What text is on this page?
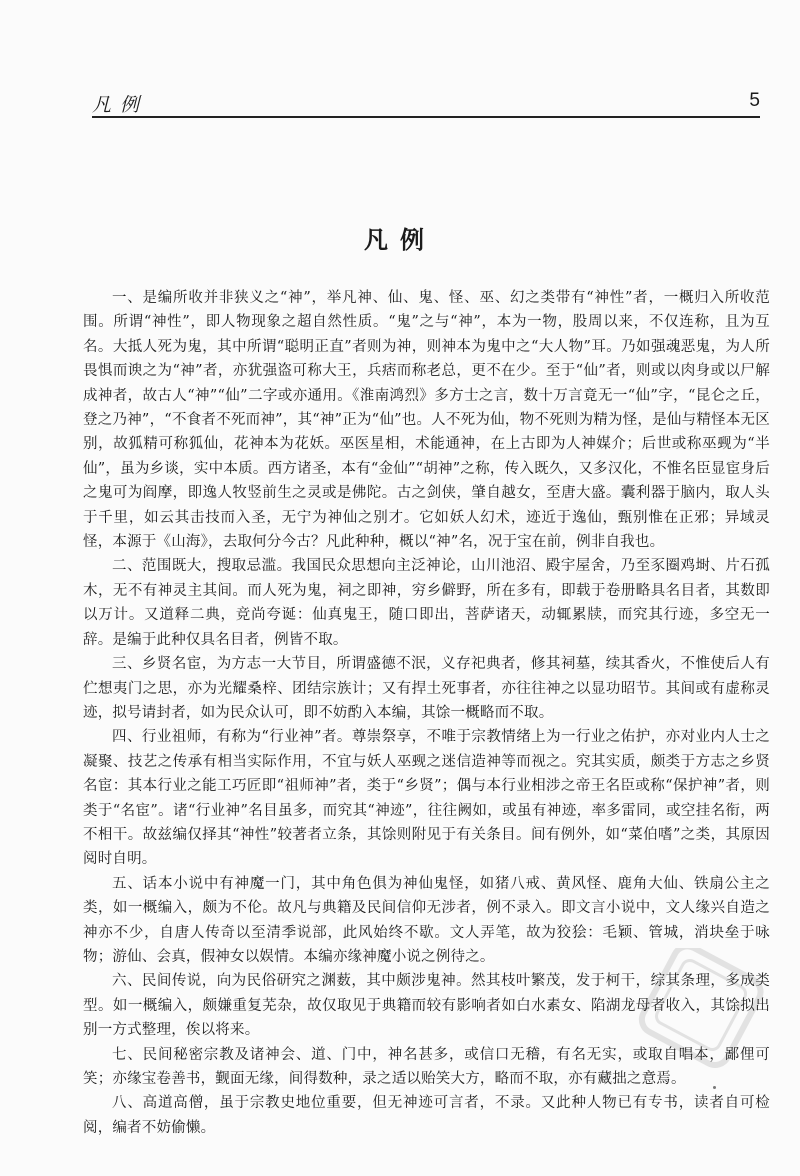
凡例	5
凡例

一、是编所收并非狭义之“神”，举凡神、仙、鬼、怪、巫、幻之类带有“神性”者，一概归入所收范围。所谓“神性”，即人物现象之超自然性质。“鬼”之与“神”，本为一物，股周以来，不仅连称，且为互名。大抵人死为鬼，其中所谓“聪明正直”者则为神，则神本为鬼中之“大人物”耳。乃如强魂恶鬼，为人所畏惧而谀之为“神”者，亦犹强盗可称大王，兵痞而称老总，更不在少。至于“仙”者，则或以肉身或以尸解成神者，故古人“神”“仙”二字或亦通用。《淮南鸿烈》多方士之言，数十万言竟无一“仙”字，“昆仑之丘，登之乃神”，“不食者不死而神”，其“神”正为“仙”也。人不死为仙，物不死则为精为怪，是仙与精怪本无区别，故狐精可称狐仙，花神本为花妖。巫医星相，术能通神，在上古即为人神媒介；后世或称巫觋为“半仙”，虽为乡谈，实中本质。西方诸圣，本有“金仙”“胡神”之称，传入既久，又多汉化，不惟名臣显宦身后之鬼可为阎摩，即逸人牧竖前生之灵或是佛陀。古之剑侠，肇自越女，至唐大盛。囊利器于脑内，取人头于千里，如云其击技而入圣，无宁为神仙之别才。它如妖人幻术，迹近于逸仙，甄别惟在正邪；异域灵怪，本源于《山海》，去取何分今古？凡此种种，概以“神”名，况于宝在前，例非自我也。

二、范围既大，搜取忌滥。我国民众思想向主泛神论，山川池沼、殿宇屋舍，乃至豕圈鸡埘、片石孤木，无不有神灵主其间。而人死为鬼，祠之即神，穷乡僻野，所在多有，即载于卷册略具名目者，其数即以万计。又道释二典，竞尚夸诞：仙真鬼王，随口即出，菩萨诸天，动辄累牍，而究其行迹，多空无一辞。是编于此种仅具名目者，例皆不取。

三、乡贤名宦，为方志一大节目，所谓盛德不泯，义存祀典者，修其祠墓，续其香火，不惟使后人有伫想夷门之思，亦为光耀桑梓、团结宗族计；又有捍土死事者，亦往往神之以显功昭节。其间或有虚称灵迹，拟号请封者，如为民众认可，即不妨酌入本编，其馀一概略而不取。

四、行业祖师，有称为“行业神”者。尊崇祭享，不唯于宗教情绪上为一行业之佑护，亦对业内人士之凝聚、技艺之传承有相当实际作用，不宜与妖人巫觋之迷信造神等而视之。究其实质，颇类于方志之乡贤名宦：其本行业之能工巧匠即“祖师神”者，类于“乡贤”；偶与本行业相涉之帝王名臣或称“保护神”者，则类于“名宦”。诸“行业神”名目虽多，而究其“神迹”，往往阙如，或虽有神迹，率多雷同，或空挂名衔，两不相干。故兹编仅择其“神性”较著者立条，其馀则附见于有关条目。间有例外，如“菜伯嗜”之类，其原因阅时自明。

五、话本小说中有神魔一门，其中角色俱为神仙鬼怪，如猪八戒、黄风怪、鹿角大仙、铁扇公主之类，如一概编入，颇为不伦。故凡与典籍及民间信仰无涉者，例不录入。即文言小说中，文人缘兴自造之神亦不少，自唐人传奇以至清季说部，此风始终不歇。文人弄笔，故为狡狯：毛颖、管城，消块垒于咏物；游仙、会真，假神女以娱情。本编亦缘神魔小说之例待之。

六、民间传说，向为民俗研究之渊薮，其中颇涉鬼神。然其枝叶繁茂，发于柯干，综其条理，多成类型。如一概编入，颇嫌重复芜杂，故仅取见于典籍而较有影响者如白水素女、陷湖龙母者收入，其馀拟出别一方式整理，俟以将来。

七、民间秘密宗教及诸神会、道、门中，神名甚多，或信口无稽，有名无实，或取自唱本，鄙俚可笑；亦缘宝卷善书，觐面无缘，间得数种，录之适以贻笑大方，略而不取，亦有藏拙之意焉。

八、高道高僧，虽于宗教史地位重要，但无神迹可言者，不录。又此种人物已有专书，读者自可检阅，编者不妨偷懒。
